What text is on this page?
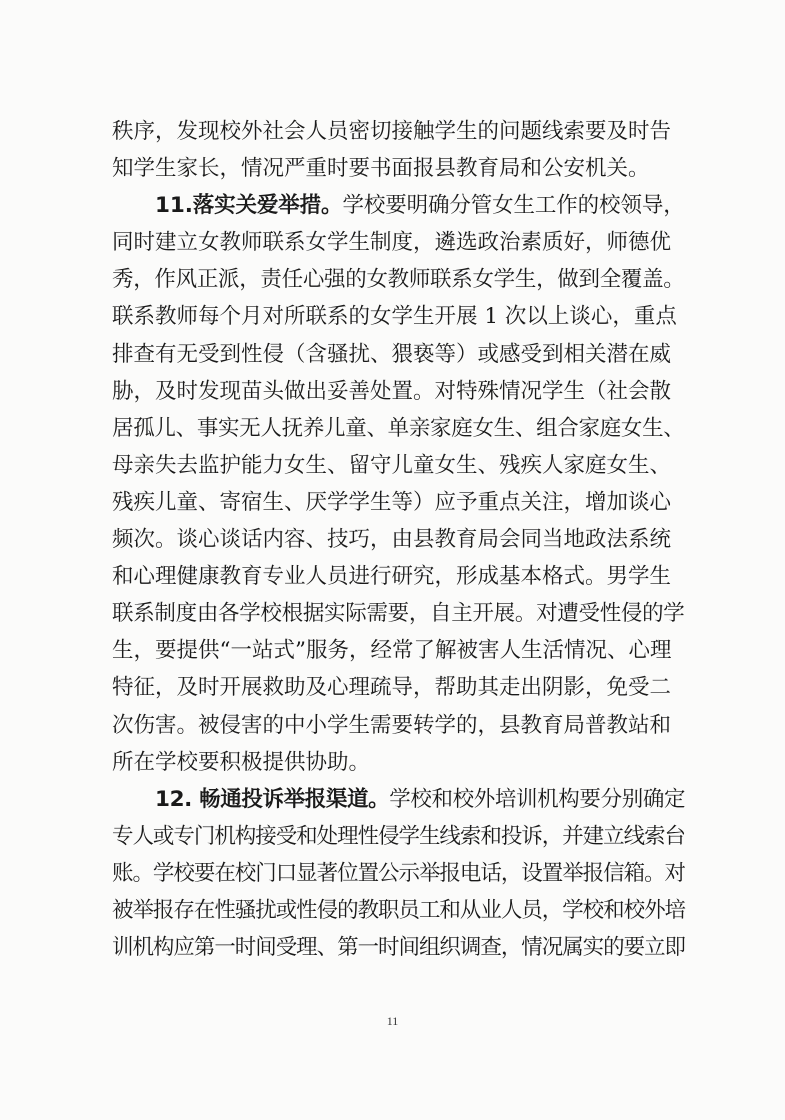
秩序，发现校外社会人员密切接触学生的问题线索要及时告
知学生家长，情况严重时要书面报县教育局和公安机关。
11.落实关爱举措。学校要明确分管女生工作的校领导，
同时建立女教师联系女学生制度，遴选政治素质好，师德优
秀，作风正派，责任心强的女教师联系女学生，做到全覆盖。
联系教师每个月对所联系的女学生开展 1 次以上谈心，重点
排查有无受到性侵（含骚扰、猥亵等）或感受到相关潜在威
胁，及时发现苗头做出妥善处置。对特殊情况学生（社会散
居孤儿、事实无人抚养儿童、单亲家庭女生、组合家庭女生、
母亲失去监护能力女生、留守儿童女生、残疾人家庭女生、
残疾儿童、寄宿生、厌学学生等）应予重点关注，增加谈心
频次。谈心谈话内容、技巧，由县教育局会同当地政法系统
和心理健康教育专业人员进行研究，形成基本格式。男学生
联系制度由各学校根据实际需要，自主开展。对遭受性侵的学
生，要提供“一站式”服务，经常了解被害人生活情况、心理
特征，及时开展救助及心理疏导，帮助其走出阴影，免受二
次伤害。被侵害的中小学生需要转学的，县教育局普教站和
所在学校要积极提供协助。
12. 畅通投诉举报渠道。学校和校外培训机构要分别确定
专人或专门机构接受和处理性侵学生线索和投诉，并建立线索台
账。学校要在校门口显著位置公示举报电话，设置举报信箱。对
被举报存在性骚扰或性侵的教职员工和从业人员，学校和校外培
训机构应第一时间受理、第一时间组织调查，情况属实的要立即
11
